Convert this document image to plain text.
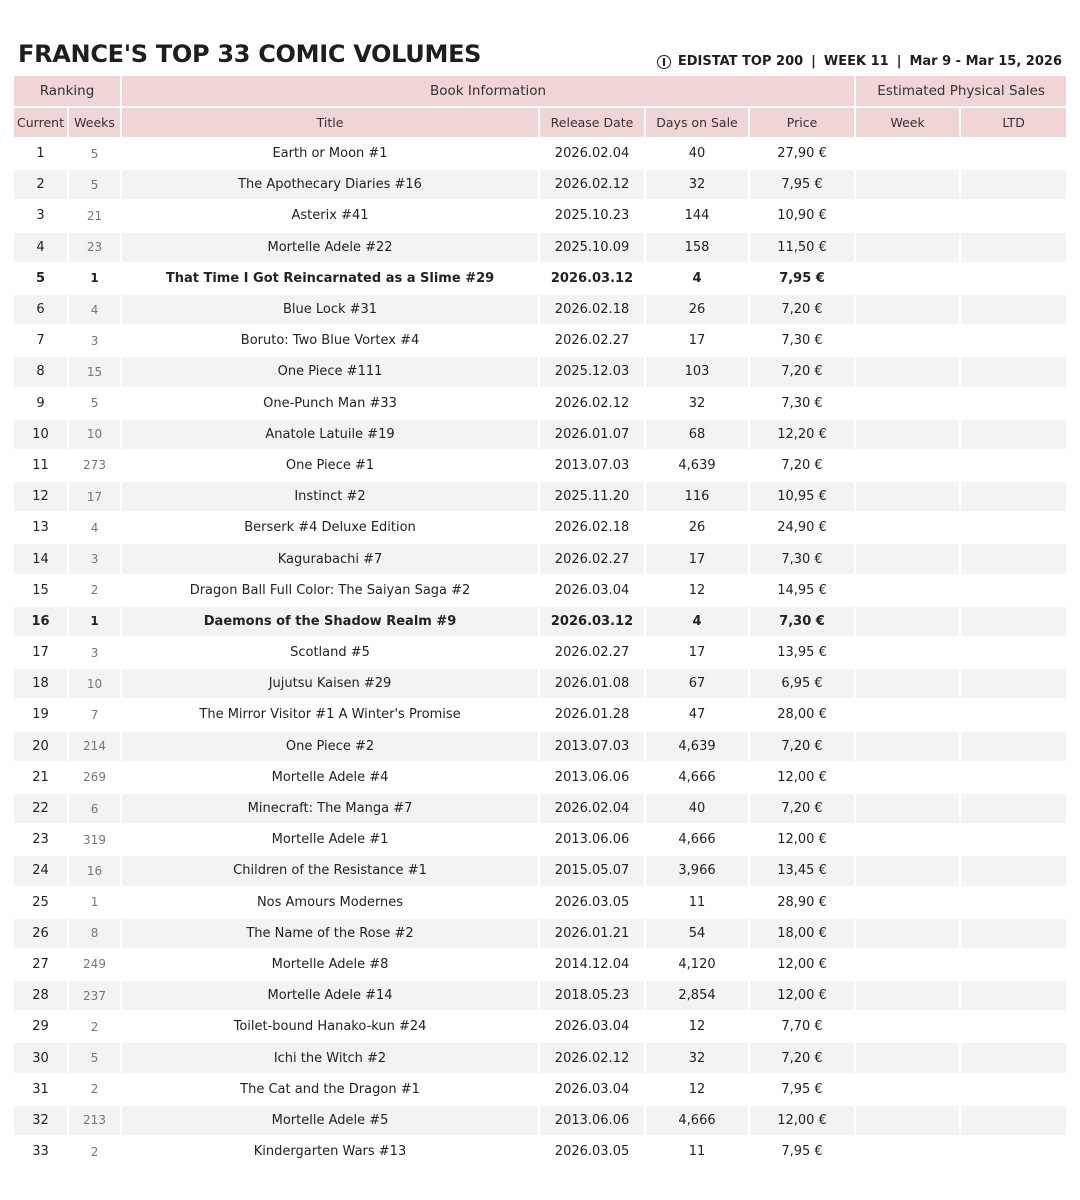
FRANCE'S TOP 33 COMIC VOLUMES	EDISTAT TOP 200 | WEEK 11 | Mar 9 - Mar 15, 2026
Ranking		Book Information				Estimated Physical Sales	
Current	Weeks	Title	Release Date	Days on Sale	Price	Week	LTD
1	5	Earth or Moon #1	2026.02.04	40	27,90 €		
2	5	The Apothecary Diaries #16	2026.02.12	32	7,95 €		
3	21	Asterix #41	2025.10.23	144	10,90 €		
4	23	Mortelle Adele #22	2025.10.09	158	11,50 €		
5	1	That Time I Got Reincarnated as a Slime #29	2026.03.12	4	7,95 €		
6	4	Blue Lock #31	2026.02.18	26	7,20 €		
7	3	Boruto: Two Blue Vortex #4	2026.02.27	17	7,30 €		
8	15	One Piece #111	2025.12.03	103	7,20 €		
9	5	One-Punch Man #33	2026.02.12	32	7,30 €		
10	10	Anatole Latuile #19	2026.01.07	68	12,20 €		
11	273	One Piece #1	2013.07.03	4,639	7,20 €		
12	17	Instinct #2	2025.11.20	116	10,95 €		
13	4	Berserk #4 Deluxe Edition	2026.02.18	26	24,90 €		
14	3	Kagurabachi #7	2026.02.27	17	7,30 €		
15	2	Dragon Ball Full Color: The Saiyan Saga #2	2026.03.04	12	14,95 €		
16	1	Daemons of the Shadow Realm #9	2026.03.12	4	7,30 €		
17	3	Scotland #5	2026.02.27	17	13,95 €		
18	10	Jujutsu Kaisen #29	2026.01.08	67	6,95 €		
19	7	The Mirror Visitor #1 A Winter's Promise	2026.01.28	47	28,00 €		
20	214	One Piece #2	2013.07.03	4,639	7,20 €		
21	269	Mortelle Adele #4	2013.06.06	4,666	12,00 €		
22	6	Minecraft: The Manga #7	2026.02.04	40	7,20 €		
23	319	Mortelle Adele #1	2013.06.06	4,666	12,00 €		
24	16	Children of the Resistance #1	2015.05.07	3,966	13,45 €		
25	1	Nos Amours Modernes	2026.03.05	11	28,90 €		
26	8	The Name of the Rose #2	2026.01.21	54	18,00 €		
27	249	Mortelle Adele #8	2014.12.04	4,120	12,00 €		
28	237	Mortelle Adele #14	2018.05.23	2,854	12,00 €		
29	2	Toilet-bound Hanako-kun #24	2026.03.04	12	7,70 €		
30	5	Ichi the Witch #2	2026.02.12	32	7,20 €		
31	2	The Cat and the Dragon #1	2026.03.04	12	7,95 €		
32	213	Mortelle Adele #5	2013.06.06	4,666	12,00 €		
33	2	Kindergarten Wars #13	2026.03.05	11	7,95 €		
